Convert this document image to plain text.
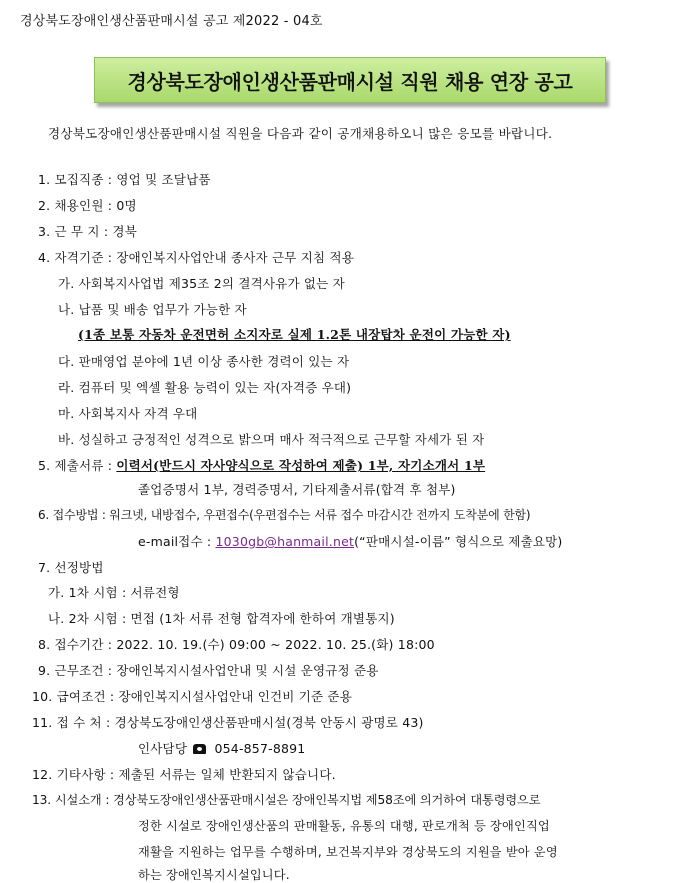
경상북도장애인생산품판매시설 공고 제2022 - 04호
경상북도장애인생산품판매시설 직원 채용 연장 공고
경상북도장애인생산품판매시설 직원을 다음과 같이 공개채용하오니 많은 응모를 바랍니다.
1. 모집직종 : 영업 및 조달납품
2. 채용인원 : 0명
3. 근 무 지 : 경북
4. 자격기준 : 장애인복지사업안내 종사자 근무 지침 적용
가. 사회복지사업법 제35조 2의 결격사유가 없는 자
나. 납품 및 배송 업무가 가능한 자
(1종 보통 자동차 운전면허 소지자로 실제 1.2톤 내장탑차 운전이 가능한 자)
다. 판매영업 분야에 1년 이상 종사한 경력이 있는 자
라. 컴퓨터 및 엑셀 활용 능력이 있는 자(자격증 우대)
마. 사회복지사 자격 우대
바. 성실하고 긍정적인 성격으로 밝으며 매사 적극적으로 근무할 자세가 된 자
5. 제출서류 : 이력서(반드시 자사양식으로 작성하여 제출) 1부, 자기소개서 1부
졸업증명서 1부, 경력증명서, 기타제출서류(합격 후 첨부)
6. 접수방법 : 워크넷, 내방접수, 우편접수(우편접수는 서류 접수 마감시간 전까지 도착분에 한함)
e-mail접수 : 1030gb@hanmail.net(“판매시설-이름” 형식으로 제출요망)
7. 선정방법
가. 1차 시험 : 서류전형
나. 2차 시험 : 면접 (1차 서류 전형 합격자에 한하여 개별통지)
8. 접수기간 : 2022. 10. 19.(수) 09:00 ~ 2022. 10. 25.(화) 18:00
9. 근무조건 : 장애인복지시설사업안내 및 시설 운영규정 준용
10. 급여조건 : 장애인복지시설사업안내 인건비 기준 준용
11. 접 수 처 : 경상북도장애인생산품판매시설(경북 안동시 광명로 43)
인사담당 054-857-8891
12. 기타사항 : 제출된 서류는 일체 반환되지 않습니다.
13. 시설소개 : 경상북도장애인생산품판매시설은 장애인복지법 제58조에 의거하여 대통령령으로
정한 시설로 장애인생산품의 판매활동, 유통의 대행, 판로개척 등 장애인직업
재활을 지원하는 업무를 수행하며, 보건복지부와 경상북도의 지원을 받아 운영
하는 장애인복지시설입니다.
